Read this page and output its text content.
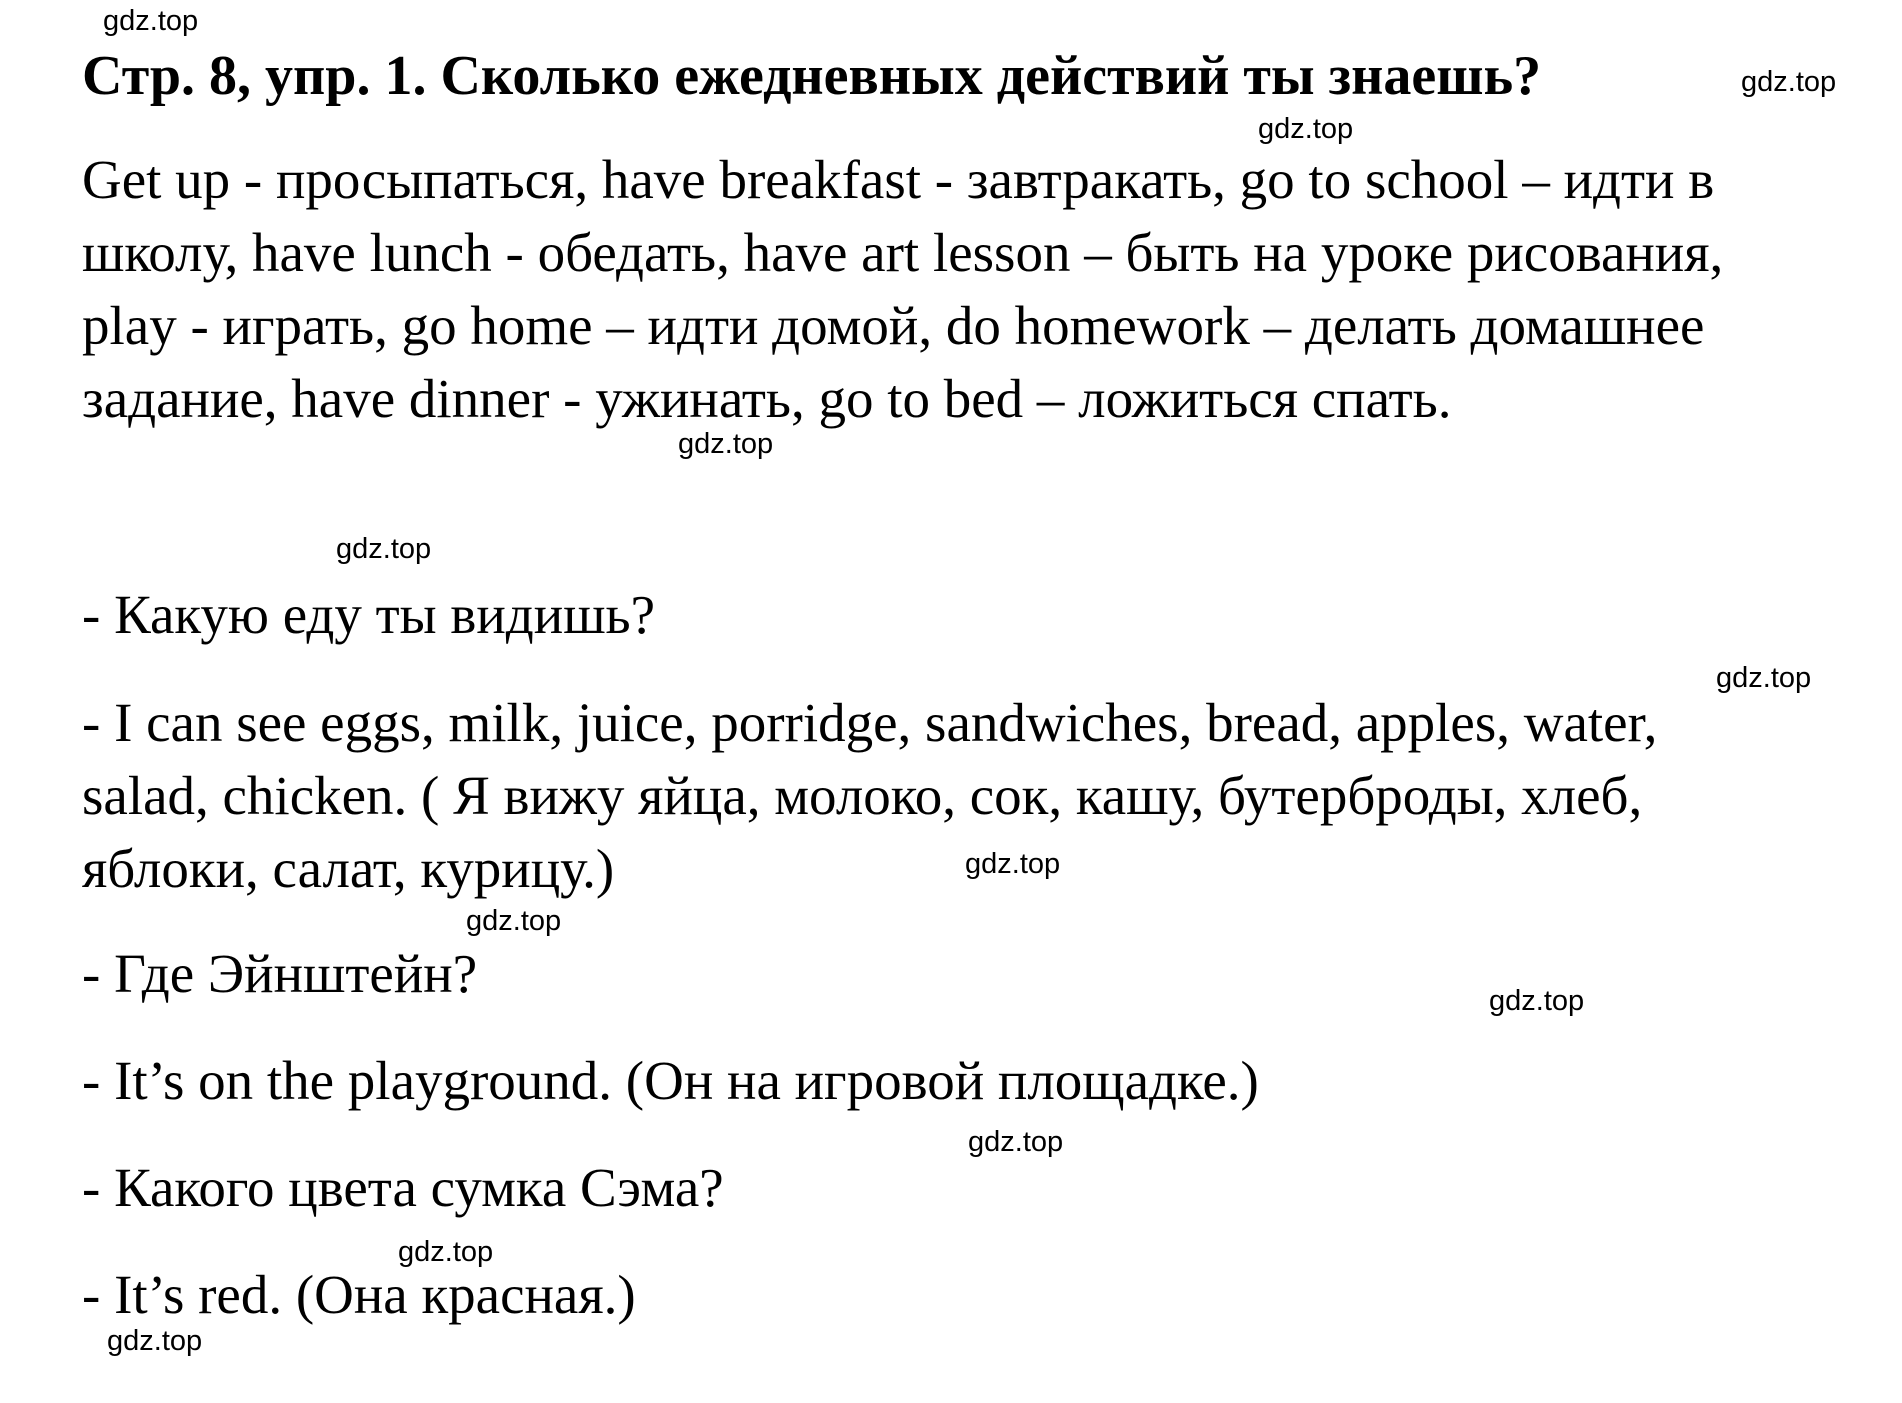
Стр. 8, упр. 1. Сколько ежедневных действий ты знаешь?
Get up - просыпаться, have breakfast - завтракать, go to school – идти в
школу, have lunch - обедать, have art lesson – быть на уроке рисования,
play - играть, go home – идти домой, do homework – делать домашнее
задание, have dinner - ужинать, go to bed – ложиться спать.
- Какую еду ты видишь?
- I can see eggs, milk, juice, porridge, sandwiches, bread, apples, water,
salad, chicken. ( Я вижу яйца, молоко, сок, кашу, бутерброды, хлеб,
яблоки, салат, курицу.)
- Где Эйнштейн?
- It’s on the playground. (Он на игровой площадке.)
- Какого цвета сумка Сэма?
- It’s red. (Она красная.)
gdz.top
gdz.top
gdz.top
gdz.top
gdz.top
gdz.top
gdz.top
gdz.top
gdz.top
gdz.top
gdz.top
gdz.top
